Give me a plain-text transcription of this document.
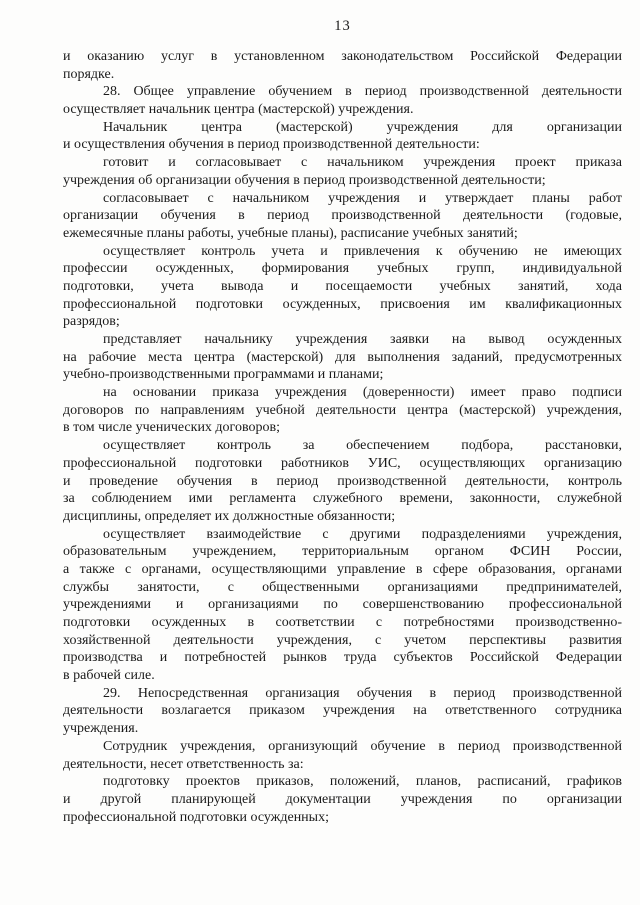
13
и оказанию услуг в установленном законодательством Российской Федерации
порядке.
28. Общее управление обучением в период производственной деятельности
осуществляет начальник центра (мастерской) учреждения.
Начальник центра (мастерской) учреждения для организации
и осуществления обучения в период производственной деятельности:
готовит и согласовывает с начальником учреждения проект приказа
учреждения об организации обучения в период производственной деятельности;
согласовывает с начальником учреждения и утверждает планы работ
организации обучения в период производственной деятельности (годовые,
ежемесячные планы работы, учебные планы), расписание учебных занятий;
осуществляет контроль учета и привлечения к обучению не имеющих
профессии осужденных, формирования учебных групп, индивидуальной
подготовки, учета вывода и посещаемости учебных занятий, хода
профессиональной подготовки осужденных, присвоения им квалификационных
разрядов;
представляет начальнику учреждения заявки на вывод осужденных
на рабочие места центра (мастерской) для выполнения заданий, предусмотренных
учебно-производственными программами и планами;
на основании приказа учреждения (доверенности) имеет право подписи
договоров по направлениям учебной деятельности центра (мастерской) учреждения,
в том числе ученических договоров;
осуществляет контроль за обеспечением подбора, расстановки,
профессиональной подготовки работников УИС, осуществляющих организацию
и проведение обучения в период производственной деятельности, контроль
за соблюдением ими регламента служебного времени, законности, служебной
дисциплины, определяет их должностные обязанности;
осуществляет взаимодействие с другими подразделениями учреждения,
образовательным учреждением, территориальным органом ФСИН России,
а также с органами, осуществляющими управление в сфере образования, органами
службы занятости, с общественными организациями предпринимателей,
учреждениями и организациями по совершенствованию профессиональной
подготовки осужденных в соответствии с потребностями производственно-
хозяйственной деятельности учреждения, с учетом перспективы развития
производства и потребностей рынков труда субъектов Российской Федерации
в рабочей силе.
29. Непосредственная организация обучения в период производственной
деятельности возлагается приказом учреждения на ответственного сотрудника
учреждения.
Сотрудник учреждения, организующий обучение в период производственной
деятельности, несет ответственность за:
подготовку проектов приказов, положений, планов, расписаний, графиков
и другой планирующей документации учреждения по организации
профессиональной подготовки осужденных;
